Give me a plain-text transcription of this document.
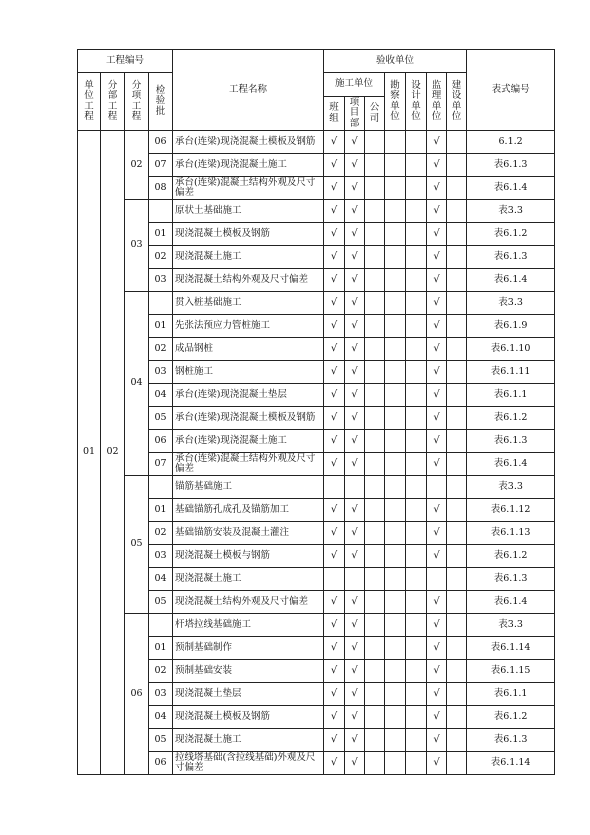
工程编号				工程名称	验收单位							表式编号
单位工程	分部工程	分项工程	检验批		施工单位			勘察单位	设计单位	监理单位	建设单位	
					班组	项目部	公司					
01	02	02	06	承台(连梁)现浇混凝土模板及钢筋	√	√				√		6.1.2
			07	承台(连梁)现浇混凝土施工	√	√				√		表6.1.3
			08	承台(连梁)混凝土结构外观及尺寸偏差	√	√				√		表6.1.4
		03		原状土基础施工	√	√				√		表3.3
			01	现浇混凝土模板及钢筋	√	√				√		表6.1.2
			02	现浇混凝土施工	√	√				√		表6.1.3
			03	现浇混凝土结构外观及尺寸偏差	√	√				√		表6.1.4
		04		贯入桩基础施工	√	√				√		表3.3
			01	先张法预应力管桩施工	√	√				√		表6.1.9
			02	成品钢桩	√	√				√		表6.1.10
			03	钢桩施工	√	√				√		表6.1.11
			04	承台(连梁)现浇混凝土垫层	√	√				√		表6.1.1
			05	承台(连梁)现浇混凝土模板及钢筋	√	√				√		表6.1.2
			06	承台(连梁)现浇混凝土施工	√	√				√		表6.1.3
			07	承台(连梁)混凝土结构外观及尺寸偏差	√	√				√		表6.1.4
		05		锚筋基础施工								表3.3
			01	基础锚筋孔成孔及锚筋加工	√	√				√		表6.1.12
			02	基础锚筋安装及混凝土灌注	√	√				√		表6.1.13
			03	现浇混凝土模板与钢筋	√	√				√		表6.1.2
			04	现浇混凝土施工								表6.1.3
			05	现浇混凝土结构外观及尺寸偏差	√	√				√		表6.1.4
		06		杆塔拉线基础施工	√	√				√		表3.3
			01	预制基础制作	√	√				√		表6.1.14
			02	预制基础安装	√	√				√		表6.1.15
			03	现浇混凝土垫层	√	√				√		表6.1.1
			04	现浇混凝土模板及钢筋	√	√				√		表6.1.2
			05	现浇混凝土施工	√	√				√		表6.1.3
			06	拉线塔基础(含拉线基础)外观及尺寸偏差	√	√				√		表6.1.14
